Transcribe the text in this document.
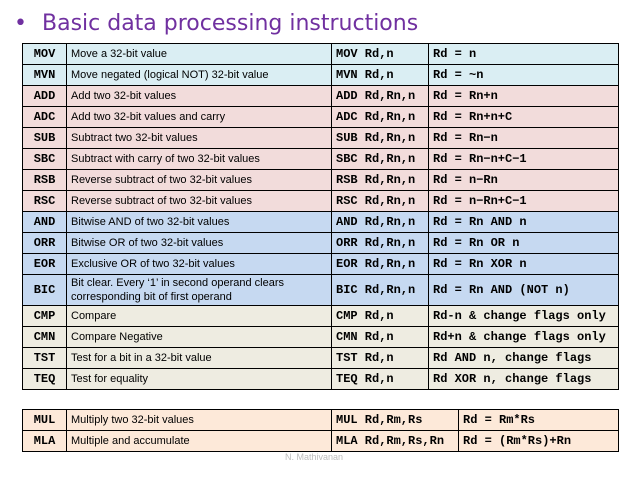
• Basic data processing instructions
MOV	Move a 32-bit value	MOV Rd,n	Rd = n
MVN	Move negated (logical NOT) 32-bit value	MVN Rd,n	Rd = ~n
ADD	Add two 32-bit values	ADD Rd,Rn,n	Rd = Rn+n
ADC	Add two 32-bit values and carry	ADC Rd,Rn,n	Rd = Rn+n+C
SUB	Subtract two 32-bit values	SUB Rd,Rn,n	Rd = Rn−n
SBC	Subtract with carry of two 32-bit values	SBC Rd,Rn,n	Rd = Rn−n+C−1
RSB	Reverse subtract of two 32-bit values	RSB Rd,Rn,n	Rd = n−Rn
RSC	Reverse subtract of two 32-bit values	RSC Rd,Rn,n	Rd = n−Rn+C−1
AND	Bitwise AND of two 32-bit values	AND Rd,Rn,n	Rd = Rn AND n
ORR	Bitwise OR of two 32-bit values	ORR Rd,Rn,n	Rd = Rn OR n
EOR	Exclusive OR of two 32-bit values	EOR Rd,Rn,n	Rd = Rn XOR n
BIC	Bit clear. Every ‘1’ in second operand clears corresponding bit of first operand	BIC Rd,Rn,n	Rd = Rn AND (NOT n)
CMP	Compare	CMP Rd,n	Rd-n & change flags only
CMN	Compare Negative	CMN Rd,n	Rd+n & change flags only
TST	Test for a bit in a 32-bit value	TST Rd,n	Rd AND n, change flags
TEQ	Test for equality	TEQ Rd,n	Rd XOR n, change flags
MUL	Multiply two 32-bit values	MUL Rd,Rm,Rs	Rd = Rm*Rs
MLA	Multiple and accumulate	MLA Rd,Rm,Rs,Rn	Rd = (Rm*Rs)+Rn
N. Mathivanan
